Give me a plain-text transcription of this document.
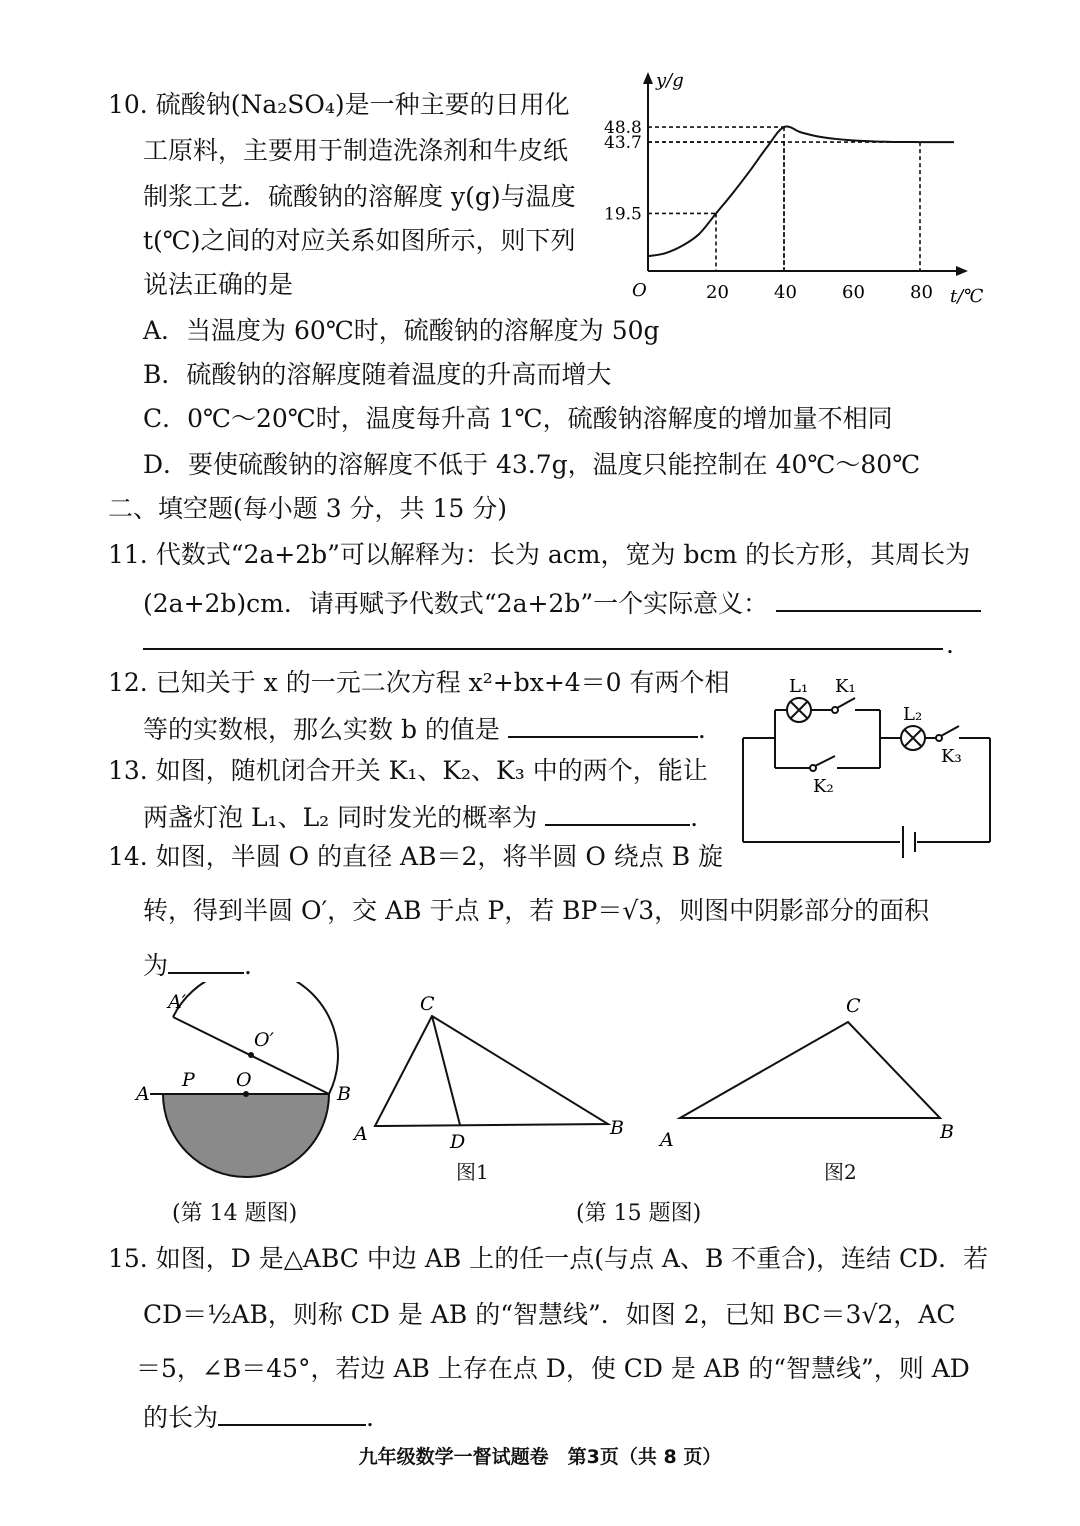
10. 硫酸钠(Na₂SO₄)是一种主要的日用化
工原料，主要用于制造洗涤剂和牛皮纸
制浆工艺．硫酸钠的溶解度 y(g)与温度
t(℃)之间的对应关系如图所示，则下列
说法正确的是
A．当温度为 60℃时，硫酸钠的溶解度为 50g
B．硫酸钠的溶解度随着温度的升高而增大
C．0℃～20℃时，温度每升高 1℃，硫酸钠溶解度的增加量不相同
D．要使硫酸钠的溶解度不低于 43.7g，温度只能控制在 40℃～80℃
y/g
t/℃
O	20	40	60	80
19.5
43.7
48.8
二、填空题(每小题 3 分，共 15 分)
11. 代数式“2a+2b”可以解释为：长为 acm，宽为 bcm 的长方形，其周长为
(2a+2b)cm．请再赋予代数式“2a+2b”一个实际意义：
.
12. 已知关于 x 的一元二次方程 x²+bx+4＝0 有两个相
等的实数根，那么实数 b 的值是	.
13. 如图，随机闭合开关 K₁、K₂、K₃ 中的两个，能让
两盏灯泡 L₁、L₂ 同时发光的概率为	.
L₁ K₁
L₂
K₂
K₃
14. 如图，半圆 O 的直径 AB＝2，将半圆 O 绕点 B 旋
转，得到半圆 O′，交 AB 于点 P，若 BP＝√3，则图中阴影部分的面积
为	.
A′
O′
A
P O
B
(第 14 题图)
C
A	D
B
图1
C
A	B
图2
(第 15 题图)
15. 如图，D 是△ABC 中边 AB 上的任一点(与点 A、B 不重合)，连结 CD．若
CD＝½AB，则称 CD 是 AB 的“智慧线”．如图 2，已知 BC＝3√2，AC
＝5，∠B＝45°，若边 AB 上存在点 D，使 CD 是 AB 的“智慧线”，则 AD
的长为	.
九年级数学一督试题卷　第3页（共 8 页）
